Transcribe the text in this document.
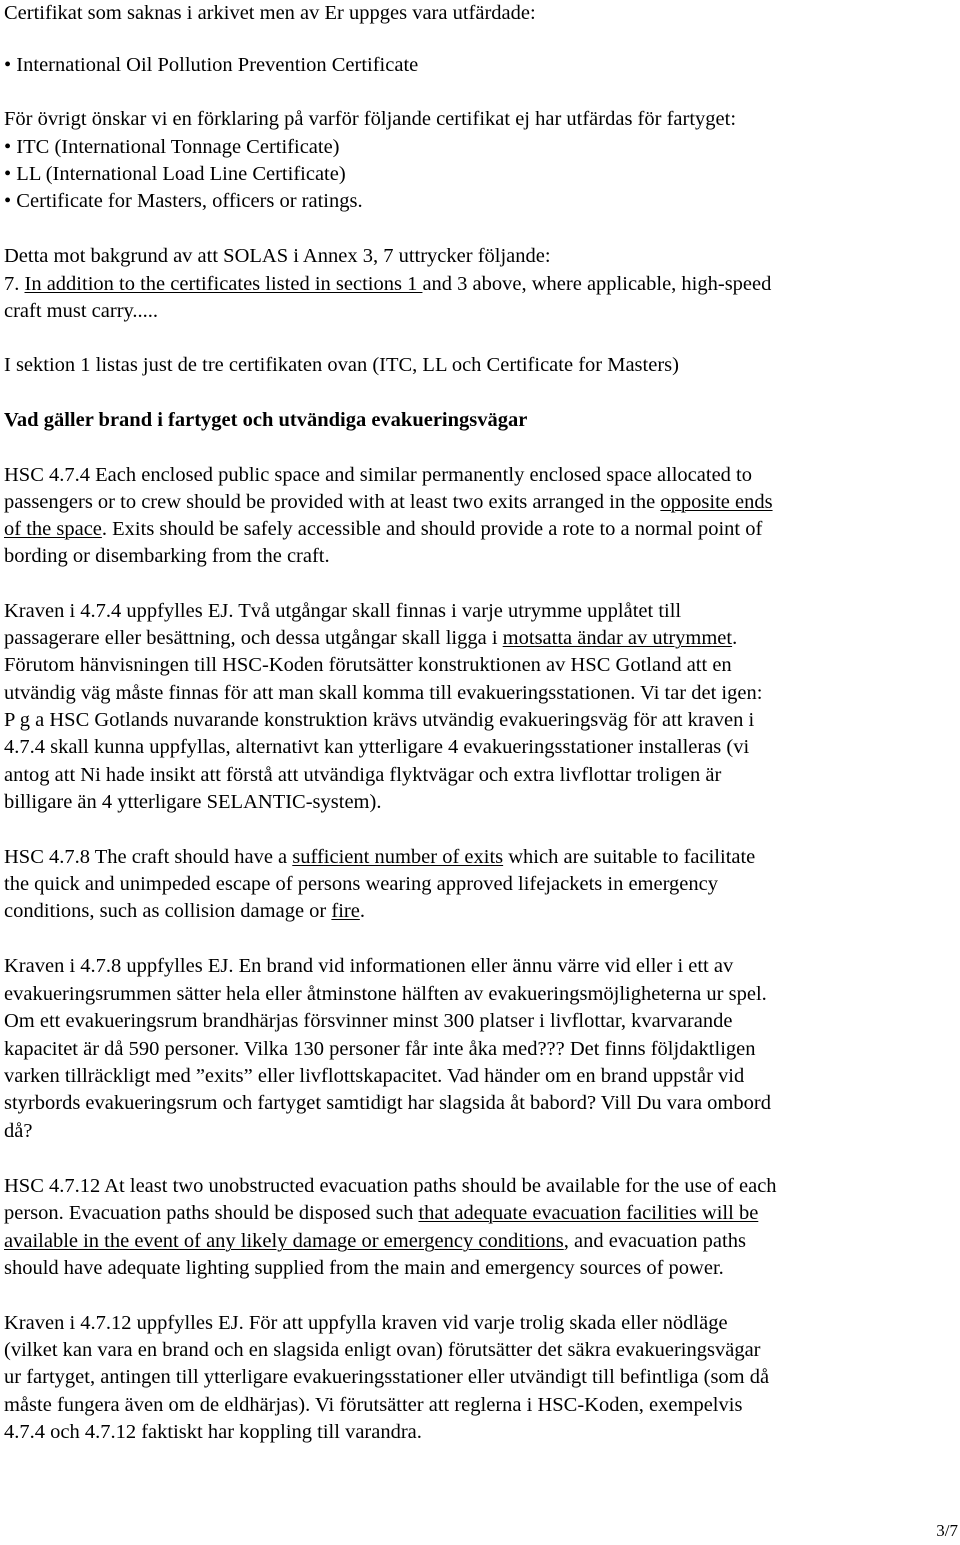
Certifikat som saknas i arkivet men av Er uppges vara utfärdade:
• International Oil Pollution Prevention Certificate
För övrigt önskar vi en förklaring på varför följande certifikat ej har utfärdas för fartyget:
• ITC (International Tonnage Certificate)
• LL (International Load Line Certificate)
• Certificate for Masters, officers or ratings.
Detta mot bakgrund av att SOLAS i Annex 3, 7 uttrycker följande:
7. In addition to the certificates listed in sections 1 and 3 above, where applicable, high-speed
craft must carry.....
I sektion 1 listas just de tre certifikaten ovan (ITC, LL och Certificate for Masters)
Vad gäller brand i fartyget och utvändiga evakueringsvägar
HSC 4.7.4 Each enclosed public space and similar permanently enclosed space allocated to
passengers or to crew should be provided with at least two exits arranged in the opposite ends
of the space. Exits should be safely accessible and should provide a rote to a normal point of
bording or disembarking from the craft.
Kraven i 4.7.4 uppfylles EJ. Två utgångar skall finnas i varje utrymme upplåtet till
passagerare eller besättning, och dessa utgångar skall ligga i motsatta ändar av utrymmet.
Förutom hänvisningen till HSC-Koden förutsätter konstruktionen av HSC Gotland att en
utvändig väg måste finnas för att man skall komma till evakueringsstationen. Vi tar det igen:
P g a HSC Gotlands nuvarande konstruktion krävs utvändig evakueringsväg för att kraven i
4.7.4 skall kunna uppfyllas, alternativt kan ytterligare 4 evakueringsstationer installeras (vi
antog att Ni hade insikt att förstå att utvändiga flyktvägar och extra livflottar troligen är
billigare än 4 ytterligare SELANTIC-system).
HSC 4.7.8 The craft should have a sufficient number of exits which are suitable to facilitate
the quick and unimpeded escape of persons wearing approved lifejackets in emergency
conditions, such as collision damage or fire.
Kraven i 4.7.8 uppfylles EJ. En brand vid informationen eller ännu värre vid eller i ett av
evakueringsrummen sätter hela eller åtminstone hälften av evakueringsmöjligheterna ur spel.
Om ett evakueringsrum brandhärjas försvinner minst 300 platser i livflottar, kvarvarande
kapacitet är då 590 personer. Vilka 130 personer får inte åka med??? Det finns följdaktligen
varken tillräckligt med ”exits” eller livflottskapacitet. Vad händer om en brand uppstår vid
styrbords evakueringsrum och fartyget samtidigt har slagsida åt babord? Vill Du vara ombord
då?
HSC 4.7.12 At least two unobstructed evacuation paths should be available for the use of each
person. Evacuation paths should be disposed such that adequate evacuation facilities will be
available in the event of any likely damage or emergency conditions, and evacuation paths
should have adequate lighting supplied from the main and emergency sources of power.
Kraven i 4.7.12 uppfylles EJ. För att uppfylla kraven vid varje trolig skada eller nödläge
(vilket kan vara en brand och en slagsida enligt ovan) förutsätter det säkra evakueringsvägar
ur fartyget, antingen till ytterligare evakueringsstationer eller utvändigt till befintliga (som då
måste fungera även om de eldhärjas). Vi förutsätter att reglerna i HSC-Koden, exempelvis
4.7.4 och 4.7.12 faktiskt har koppling till varandra.
3/7
